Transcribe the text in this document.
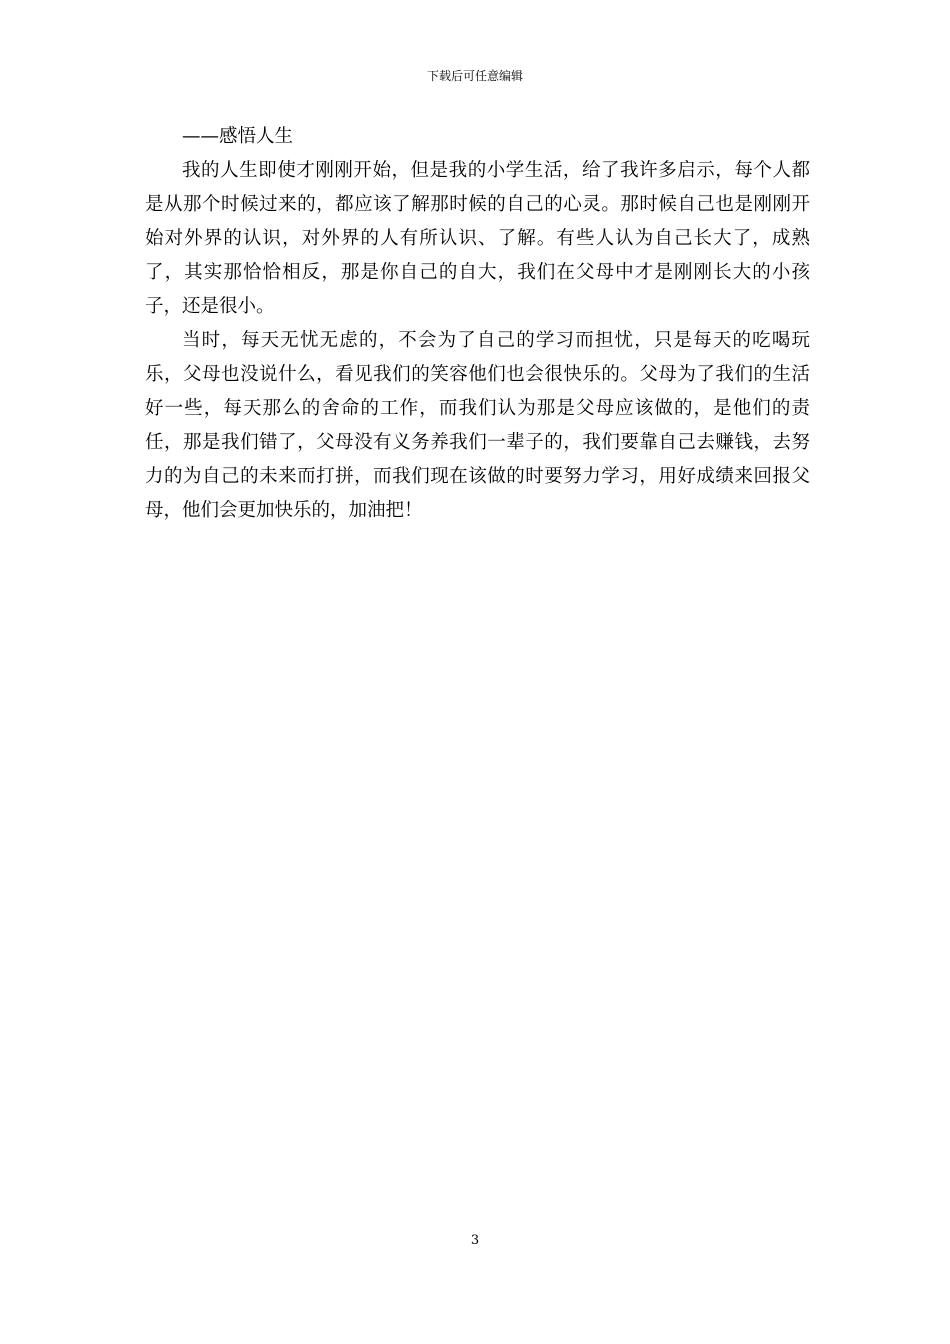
下载后可任意编辑

——感悟人生

我的人生即使才刚刚开始，但是我的小学生活，给了我许多启示，每个人都是从那个时候过来的，都应该了解那时候的自己的心灵。那时候自己也是刚刚开始对外界的认识，对外界的人有所认识、了解。有些人认为自己长大了，成熟了，其实那恰恰相反，那是你自己的自大，我们在父母中才是刚刚长大的小孩子，还是很小。

当时，每天无忧无虑的，不会为了自己的学习而担忧，只是每天的吃喝玩乐，父母也没说什么，看见我们的笑容他们也会很快乐的。父母为了我们的生活好一些，每天那么的舍命的工作，而我们认为那是父母应该做的，是他们的责任，那是我们错了，父母没有义务养我们一辈子的，我们要靠自己去赚钱，去努力的为自己的未来而打拼，而我们现在该做的时要努力学习，用好成绩来回报父母，他们会更加快乐的，加油把！

3
